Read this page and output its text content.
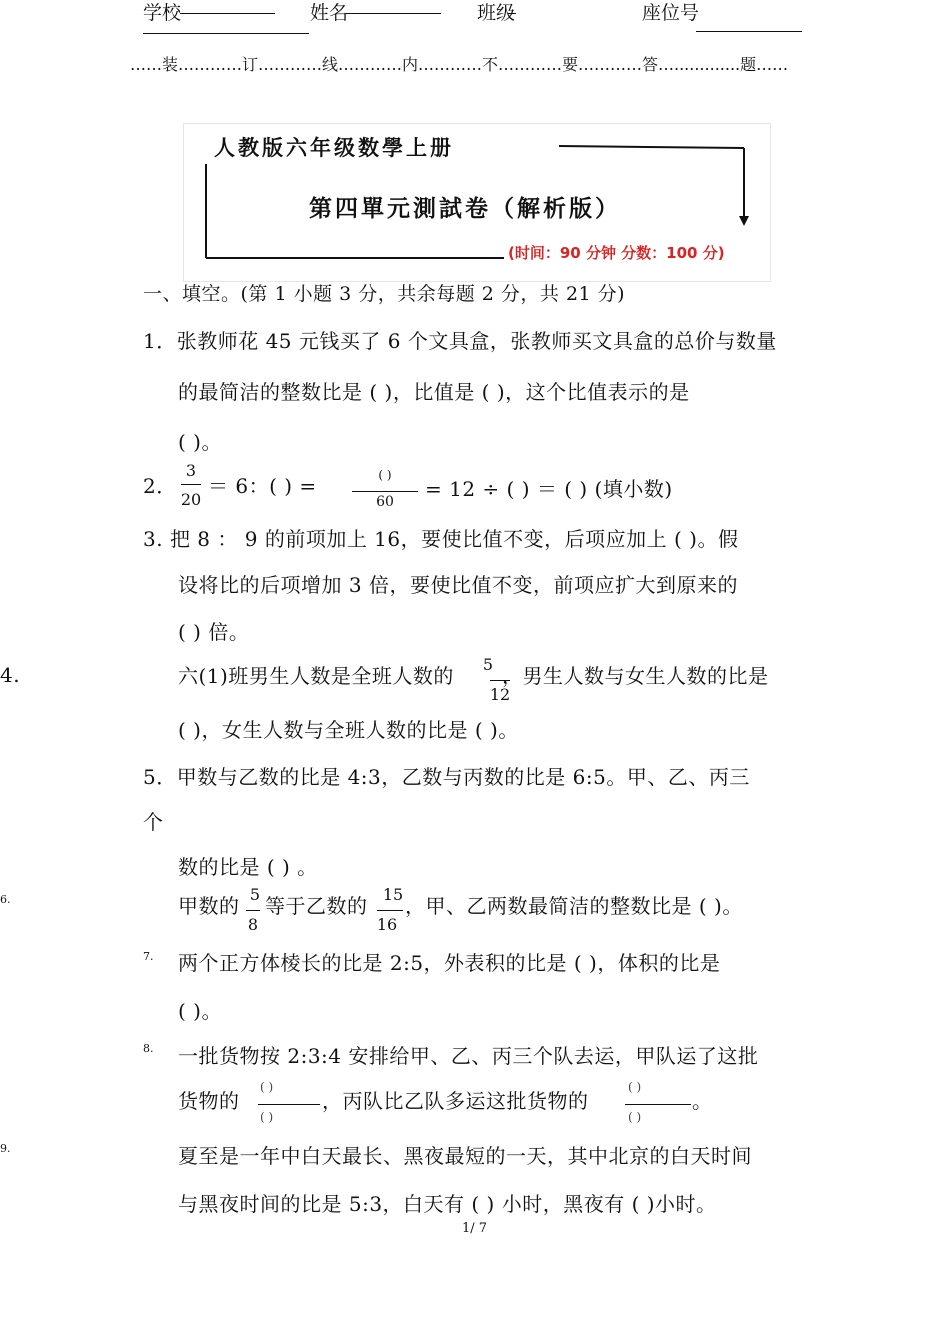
学校	姓名	班级	座位号
……装…………订…………线…………内…………不…………要…………答….............题……
人教版六年级数學上册
第四單元測試卷（解析版）
(时间：90 分钟 分数：100 分)
一、填空。(第 1 小题 3 分，共余每题 2 分，共 21 分)
1．张教师花 45 元钱买了 6 个文具盒，张教师买文具盒的总价与数量
的最简洁的整数比是 ( )，比值是 ( )，这个比值表示的是
( )。
2．
3
20
＝ 6：( ) =	( )
60
= 12 ÷ ( ) ＝ ( ) (填小数)
3. 把 8 ： 9 的前项加上 16，要使比值不变，后项应加上 ( )。假
设将比的后项增加 3 倍，要使比值不变，前项应扩大到原来的
( ) 倍。
4.	六(1)班男生人数是全班人数的	5
12
，男生人数与女生人数的比是
( )，女生人数与全班人数的比是 ( )。
5．甲数与乙数的比是 4:3，乙数与丙数的比是 6:5。甲、乙、丙三
个
数的比是 ( ) 。
6.	甲数的 5
8
等于乙数的 15
16
，甲、乙两数最简洁的整数比是 ( )。
7. 两个正方体棱长的比是 2:5，外表积的比是 ( )，体积的比是
( )。
8. 一批货物按 2:3:4 安排给甲、乙、丙三个队去运，甲队运了这批
货物的
( )
( )
，丙队比乙队多运这批货物的
( )
( )
。
9.	夏至是一年中白天最长、黑夜最短的一天，其中北京的白天时间
与黑夜时间的比是 5:3，白天有 ( ) 小时，黑夜有 ( )小时。
1/ 7
